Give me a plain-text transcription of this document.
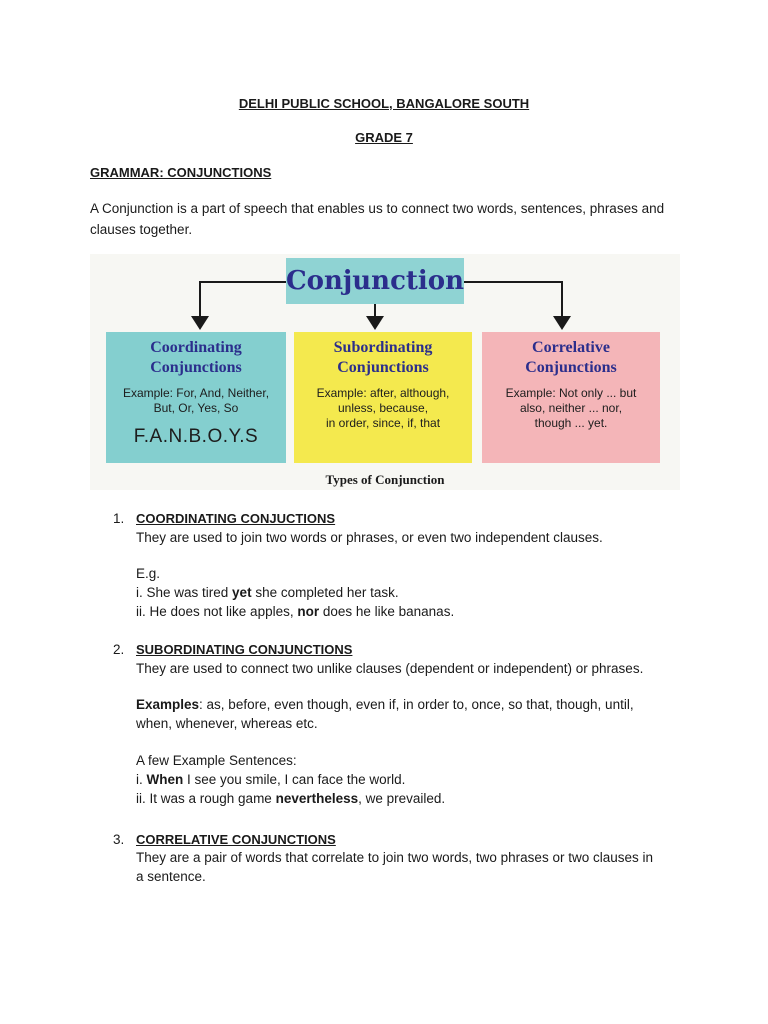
DELHI PUBLIC SCHOOL, BANGALORE SOUTH
GRADE 7
GRAMMAR: CONJUNCTIONS
A Conjunction is a part of speech that enables us to connect two words, sentences, phrases and
clauses together.
Conjunction
Coordinating
Conjunctions
Example: For, And, Neither,
But, Or, Yes, So
F.A.N.B.O.Y.S
Subordinating
Conjunctions
Example: after, although,
unless, because,
in order, since, if, that
Correlative
Conjunctions
Example: Not only ... but
also, neither ... nor,
though ... yet.
Types of Conjunction
1. COORDINATING CONJUCTIONS
They are used to join two words or phrases, or even two independent clauses.
E.g.
i. She was tired yet she completed her task.
ii. He does not like apples, nor does he like bananas.
2. SUBORDINATING CONJUNCTIONS
They are used to connect two unlike clauses (dependent or independent) or phrases.
Examples: as, before, even though, even if, in order to, once, so that, though, until,
when, whenever, whereas etc.
A few Example Sentences:
i. When I see you smile, I can face the world.
ii. It was a rough game nevertheless, we prevailed.
3. CORRELATIVE CONJUNCTIONS
They are a pair of words that correlate to join two words, two phrases or two clauses in
a sentence.
